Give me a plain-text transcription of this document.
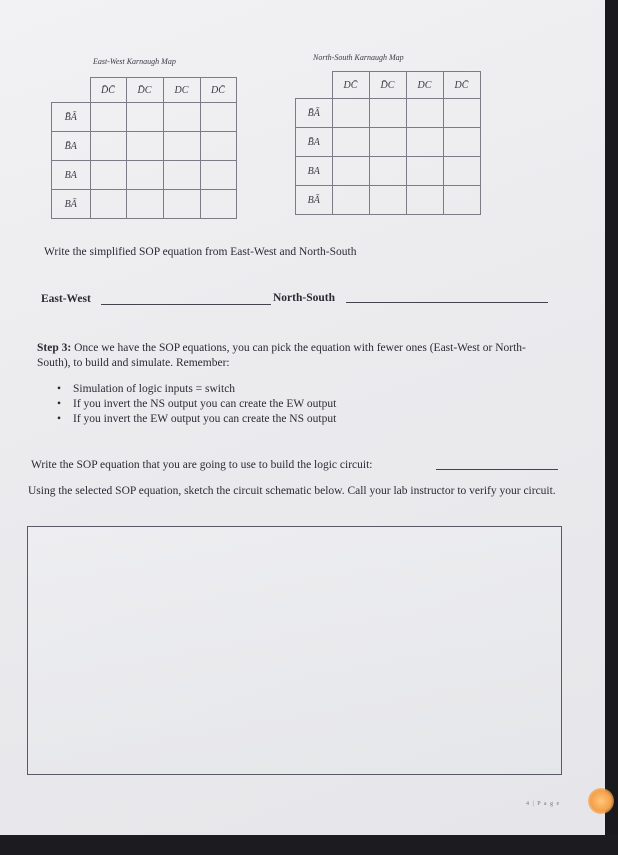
East-West Karnaugh Map
	D̄C̄	D̄C	DC	DC̄
B̄Ā				
B̄A				
BA				
BĀ				
North-South Karnaugh Map
	DC̄	D̄C	DC	DC̄
B̄Ā				
B̄A				
BA				
BĀ				
Write the simplified SOP equation from East-West and North-South
East-West	North-South
Step 3: Once we have the SOP equations, you can pick the equation with fewer ones (East-West or North-South), to build and simulate. Remember:
• Simulation of logic inputs = switch
• If you invert the NS output you can create the EW output
• If you invert the EW output you can create the NS output
Write the SOP equation that you are going to use to build the logic circuit:
Using the selected SOP equation, sketch the circuit schematic below. Call your lab instructor to verify your circuit.
4 | P a g e
